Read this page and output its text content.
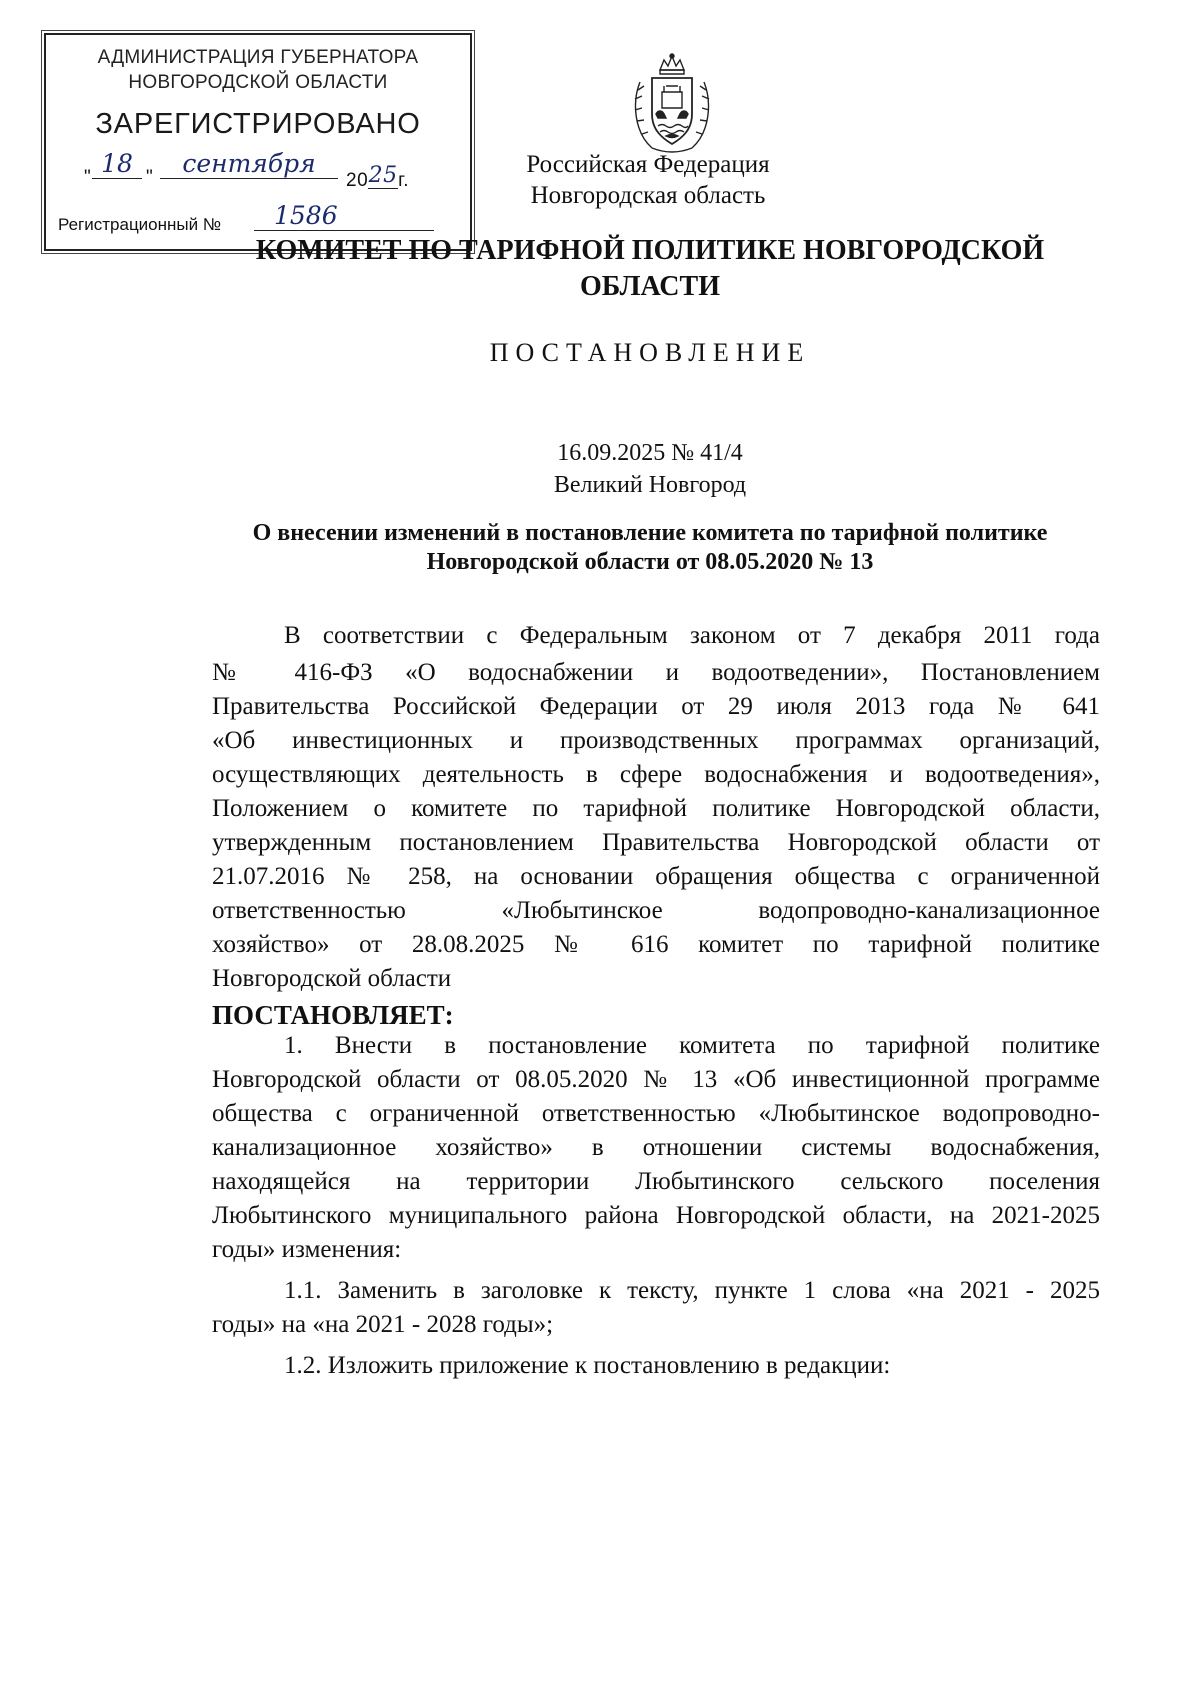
АДМИНИСТРАЦИЯ ГУБЕРНАТОРА
НОВГОРОДСКОЙ ОБЛАСТИ
ЗАРЕГИСТРИРОВАНО
" 18 "	сентября
2025г.
Регистрационный №	1586
Российская Федерация
Новгородская область
КОМИТЕТ ПО ТАРИФНОЙ ПОЛИТИКЕ НОВГОРОДСКОЙ
ОБЛАСТИ
ПОСТАНОВЛЕНИЕ
16.09.2025 № 41/4
Великий Новгород
О внесении изменений в постановление комитета по тарифной политике
Новгородской области от 08.05.2020 № 13
В соответствии с Федеральным законом от 7 декабря 2011 года
№ 416-ФЗ «О водоснабжении и водоотведении», Постановлением
Правительства Российской Федерации от 29 июля 2013 года № 641
«Об инвестиционных и производственных программах организаций,
осуществляющих деятельность в сфере водоснабжения и водоотведения»,
Положением о комитете по тарифной политике Новгородской области,
утвержденным постановлением Правительства Новгородской области от
21.07.2016 № 258, на основании обращения общества с ограниченной
ответственностью «Любытинское водопроводно-канализационное
хозяйство» от 28.08.2025 № 616 комитет по тарифной политике
Новгородской области
ПОСТАНОВЛЯЕТ:
1. Внести в постановление комитета по тарифной политике
Новгородской области от 08.05.2020 № 13 «Об инвестиционной программе
общества с ограниченной ответственностью «Любытинское водопроводно-
канализационное хозяйство» в отношении системы водоснабжения,
находящейся на территории Любытинского сельского поселения
Любытинского муниципального района Новгородской области, на 2021-2025
годы» изменения:
1.1. Заменить в заголовке к тексту, пункте 1 слова «на 2021 - 2025
годы» на «на 2021 - 2028 годы»;
1.2. Изложить приложение к постановлению в редакции:
